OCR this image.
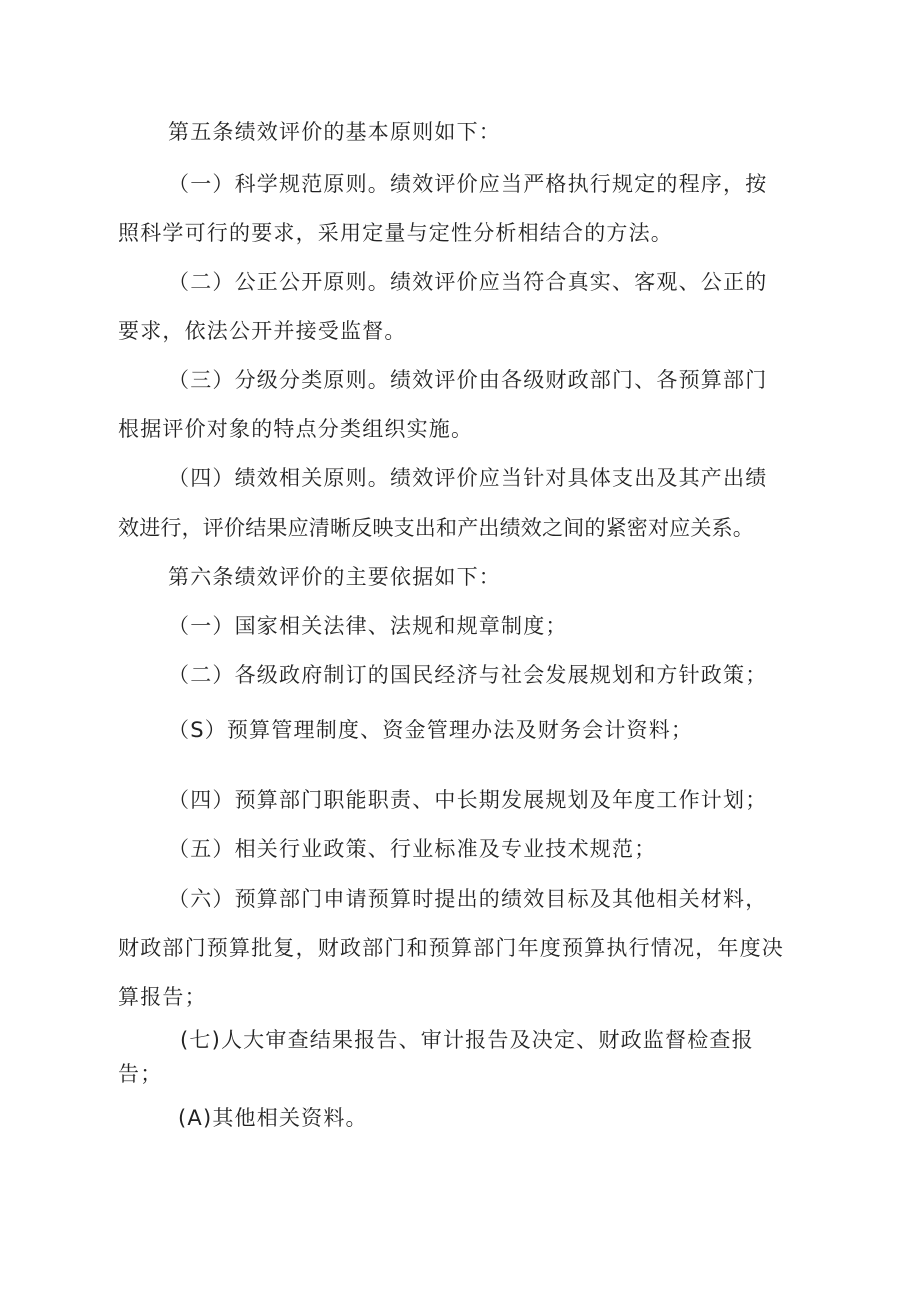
第五条绩效评价的基本原则如下：
（一）科学规范原则。绩效评价应当严格执行规定的程序，按
照科学可行的要求，采用定量与定性分析相结合的方法。
（二）公正公开原则。绩效评价应当符合真实、客观、公正的
要求，依法公开并接受监督。
（三）分级分类原则。绩效评价由各级财政部门、各预算部门
根据评价对象的特点分类组织实施。
（四）绩效相关原则。绩效评价应当针对具体支出及其产出绩
效进行，评价结果应清晰反映支出和产出绩效之间的紧密对应关系。
第六条绩效评价的主要依据如下：
（一）国家相关法律、法规和规章制度；
（二）各级政府制订的国民经济与社会发展规划和方针政策；
（S）预算管理制度、资金管理办法及财务会计资料；
（四）预算部门职能职责、中长期发展规划及年度工作计划；
（五）相关行业政策、行业标准及专业技术规范；
（六）预算部门申请预算时提出的绩效目标及其他相关材料，
财政部门预算批复，财政部门和预算部门年度预算执行情况，年度决
算报告；
(七)人大审查结果报告、审计报告及决定、财政监督检查报
告；
(A)其他相关资料。
